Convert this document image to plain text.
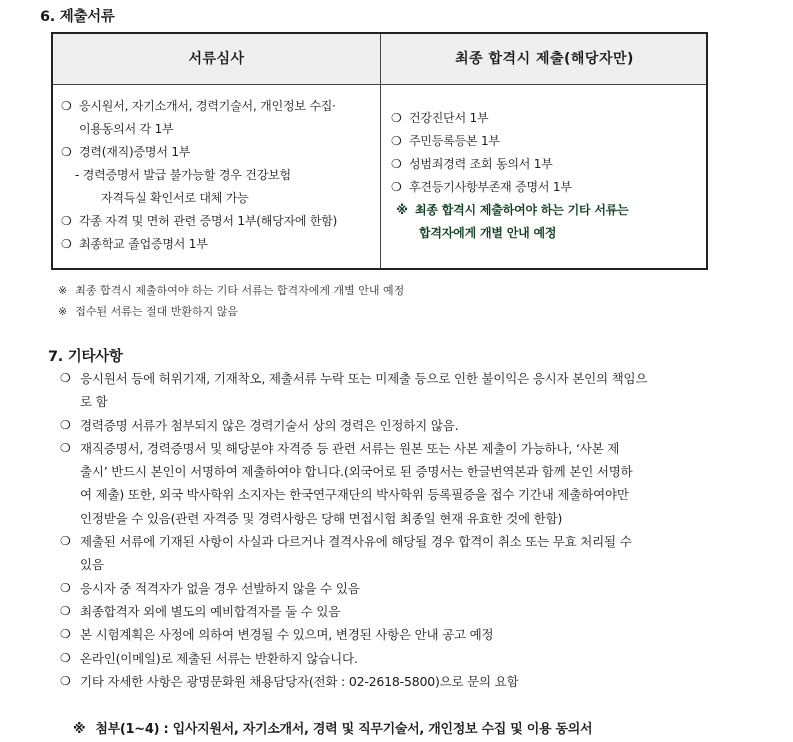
6. 제출서류
서류심사	최종 합격시 제출(해당자만)
❍ 응시원서, 자기소개서, 경력기술서, 개인정보 수집·
이용동의서 각 1부
❍ 경력(재직)증명서 1부
- 경력증명서 발급 불가능할 경우 건강보험
자격득실 확인서로 대체 가능
❍ 각종 자격 및 면허 관련 증명서 1부(해당자에 한함)
❍ 최종학교 졸업증명서 1부
❍ 건강진단서 1부
❍ 주민등록등본 1부
❍ 성범죄경력 조회 동의서 1부
❍ 후견등기사항부존재 증명서 1부
※ 최종 합격시 제출하여야 하는 기타 서류는
합격자에게 개별 안내 예정
※ 최종 합격시 제출하여야 하는 기타 서류는 합격자에게 개별 안내 예정
※ 접수된 서류는 절대 반환하지 않음
7. 기타사항
❍ 응시원서 등에 허위기재, 기재착오, 제출서류 누락 또는 미제출 등으로 인한 불이익은 응시자 본인의 책임으
로 함
❍ 경력증명 서류가 첨부되지 않은 경력기술서 상의 경력은 인정하지 않음.
❍ 재직증명서, 경력증명서 및 해당분야 자격증 등 관련 서류는 원본 또는 사본 제출이 가능하나, ‘사본 제
출시’ 반드시 본인이 서명하여 제출하여야 합니다.(외국어로 된 증명서는 한글번역본과 함께 본인 서명하
여 제출) 또한, 외국 박사학위 소지자는 한국연구재단의 박사학위 등록필증을 접수 기간내 제출하여야만
인정받을 수 있음(관련 자격증 및 경력사항은 당해 면접시험 최종일 현재 유효한 것에 한함)
❍ 제출된 서류에 기재된 사항이 사실과 다르거나 결격사유에 해당될 경우 합격이 취소 또는 무효 처리될 수
있음
❍ 응시자 중 적격자가 없을 경우 선발하지 않을 수 있음
❍ 최종합격자 외에 별도의 예비합격자를 둘 수 있음
❍ 본 시험계획은 사정에 의하여 변경될 수 있으며, 변경된 사항은 안내 공고 예정
❍ 온라인(이메일)로 제출된 서류는 반환하지 않습니다.
❍ 기타 자세한 사항은 광명문화원 채용담당자(전화 : 02-2618-5800)으로 문의 요함
※ 첨부(1~4) : 입사지원서, 자기소개서, 경력 및 직무기술서, 개인정보 수집 및 이용 동의서
